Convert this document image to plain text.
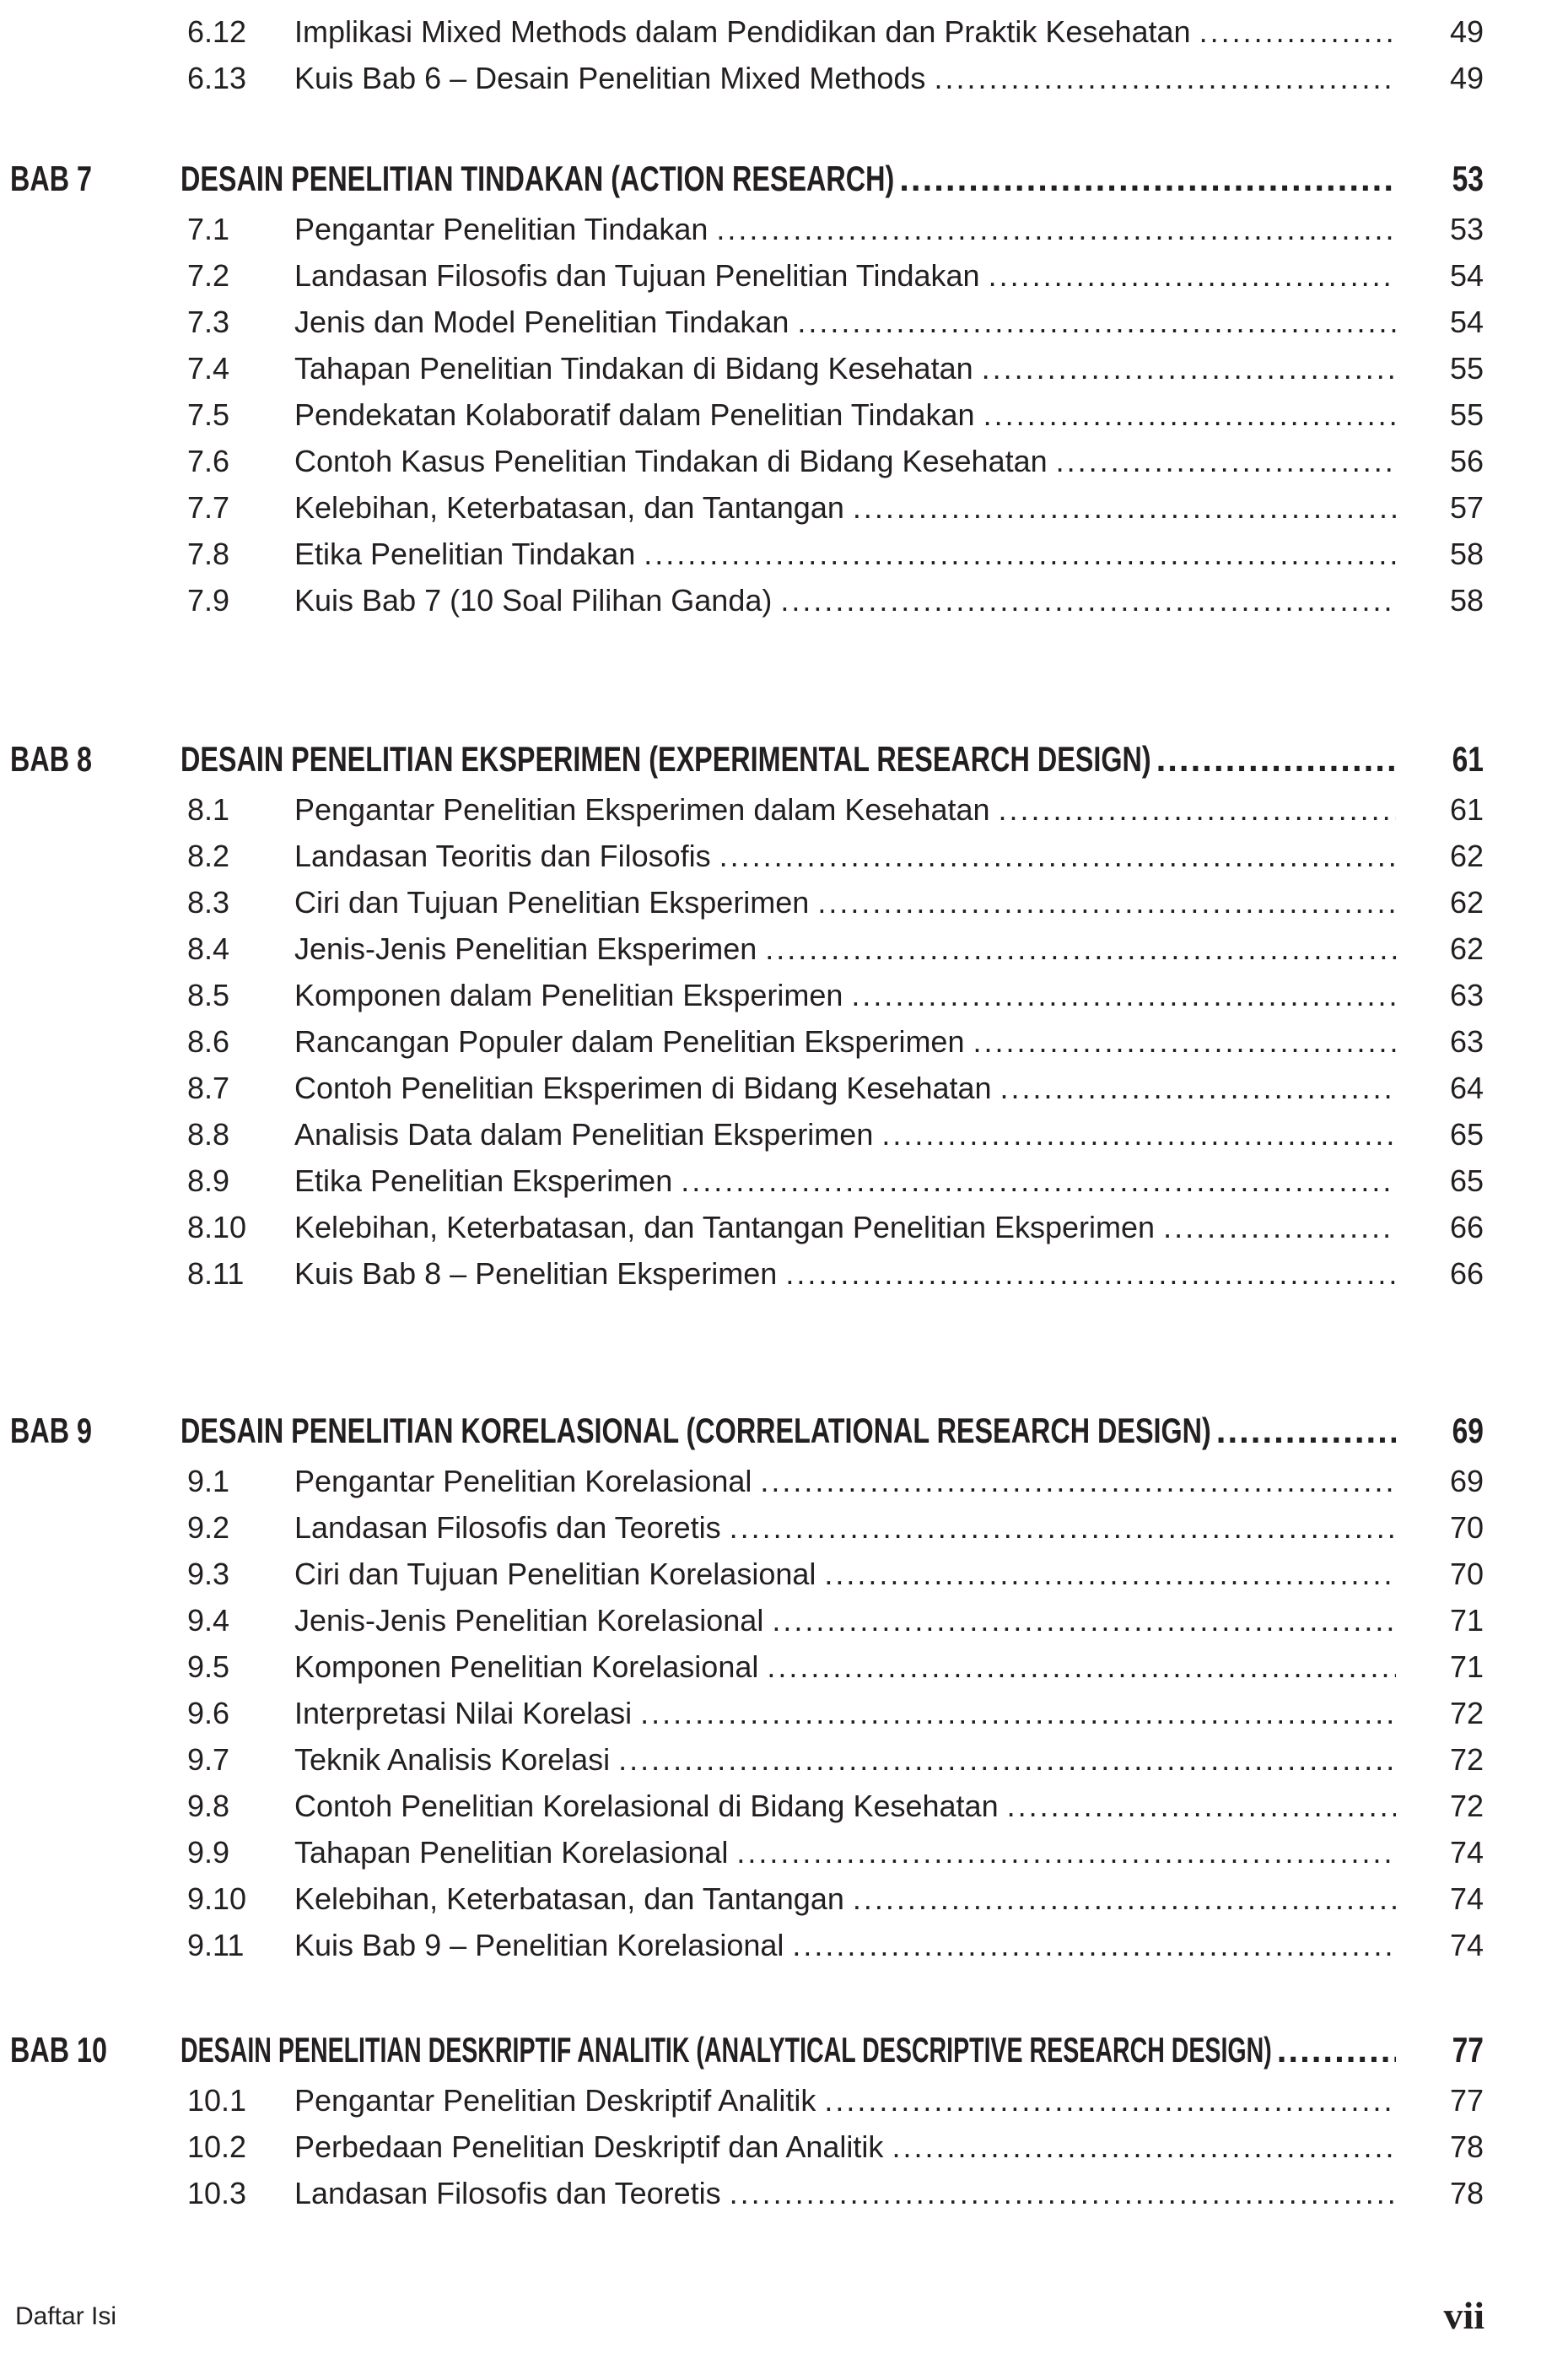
6.12	Implikasi Mixed Methods dalam Pendidikan dan Praktik Kesehatan .....	49
6.13	Kuis Bab 6 – Desain Penelitian Mixed Methods .....	49
BAB 7	DESAIN PENELITIAN TINDAKAN (ACTION RESEARCH) .....	53
7.1	Pengantar Penelitian Tindakan .....	53
7.2	Landasan Filosofis dan Tujuan Penelitian Tindakan .....	54
7.3	Jenis dan Model Penelitian Tindakan .....	54
7.4	Tahapan Penelitian Tindakan di Bidang Kesehatan .....	55
7.5	Pendekatan Kolaboratif dalam Penelitian Tindakan .....	55
7.6	Contoh Kasus Penelitian Tindakan di Bidang Kesehatan .....	56
7.7	Kelebihan, Keterbatasan, dan Tantangan .....	57
7.8	Etika Penelitian Tindakan .....	58
7.9	Kuis Bab 7 (10 Soal Pilihan Ganda) .....	58
BAB 8	DESAIN PENELITIAN EKSPERIMEN (EXPERIMENTAL RESEARCH DESIGN) .....	61
8.1	Pengantar Penelitian Eksperimen dalam Kesehatan .....	61
8.2	Landasan Teoritis dan Filosofis .....	62
8.3	Ciri dan Tujuan Penelitian Eksperimen .....	62
8.4	Jenis-Jenis Penelitian Eksperimen .....	62
8.5	Komponen dalam Penelitian Eksperimen .....	63
8.6	Rancangan Populer dalam Penelitian Eksperimen .....	63
8.7	Contoh Penelitian Eksperimen di Bidang Kesehatan .....	64
8.8	Analisis Data dalam Penelitian Eksperimen .....	65
8.9	Etika Penelitian Eksperimen .....	65
8.10	Kelebihan, Keterbatasan, dan Tantangan Penelitian Eksperimen .....	66
8.11	Kuis Bab 8 – Penelitian Eksperimen .....	66
BAB 9	DESAIN PENELITIAN KORELASIONAL (CORRELATIONAL RESEARCH DESIGN) .....	69
9.1	Pengantar Penelitian Korelasional .....	69
9.2	Landasan Filosofis dan Teoretis .....	70
9.3	Ciri dan Tujuan Penelitian Korelasional .....	70
9.4	Jenis-Jenis Penelitian Korelasional .....	71
9.5	Komponen Penelitian Korelasional .....	71
9.6	Interpretasi Nilai Korelasi .....	72
9.7	Teknik Analisis Korelasi .....	72
9.8	Contoh Penelitian Korelasional di Bidang Kesehatan .....	72
9.9	Tahapan Penelitian Korelasional .....	74
9.10	Kelebihan, Keterbatasan, dan Tantangan .....	74
9.11	Kuis Bab 9 – Penelitian Korelasional .....	74
BAB 10	DESAIN PENELITIAN DESKRIPTIF ANALITIK (ANALYTICAL DESCRIPTIVE RESEARCH DESIGN) .....	77
10.1	Pengantar Penelitian Deskriptif Analitik .....	77
10.2	Perbedaan Penelitian Deskriptif dan Analitik .....	78
10.3	Landasan Filosofis dan Teoretis .....	78
Daftar Isi	vii
